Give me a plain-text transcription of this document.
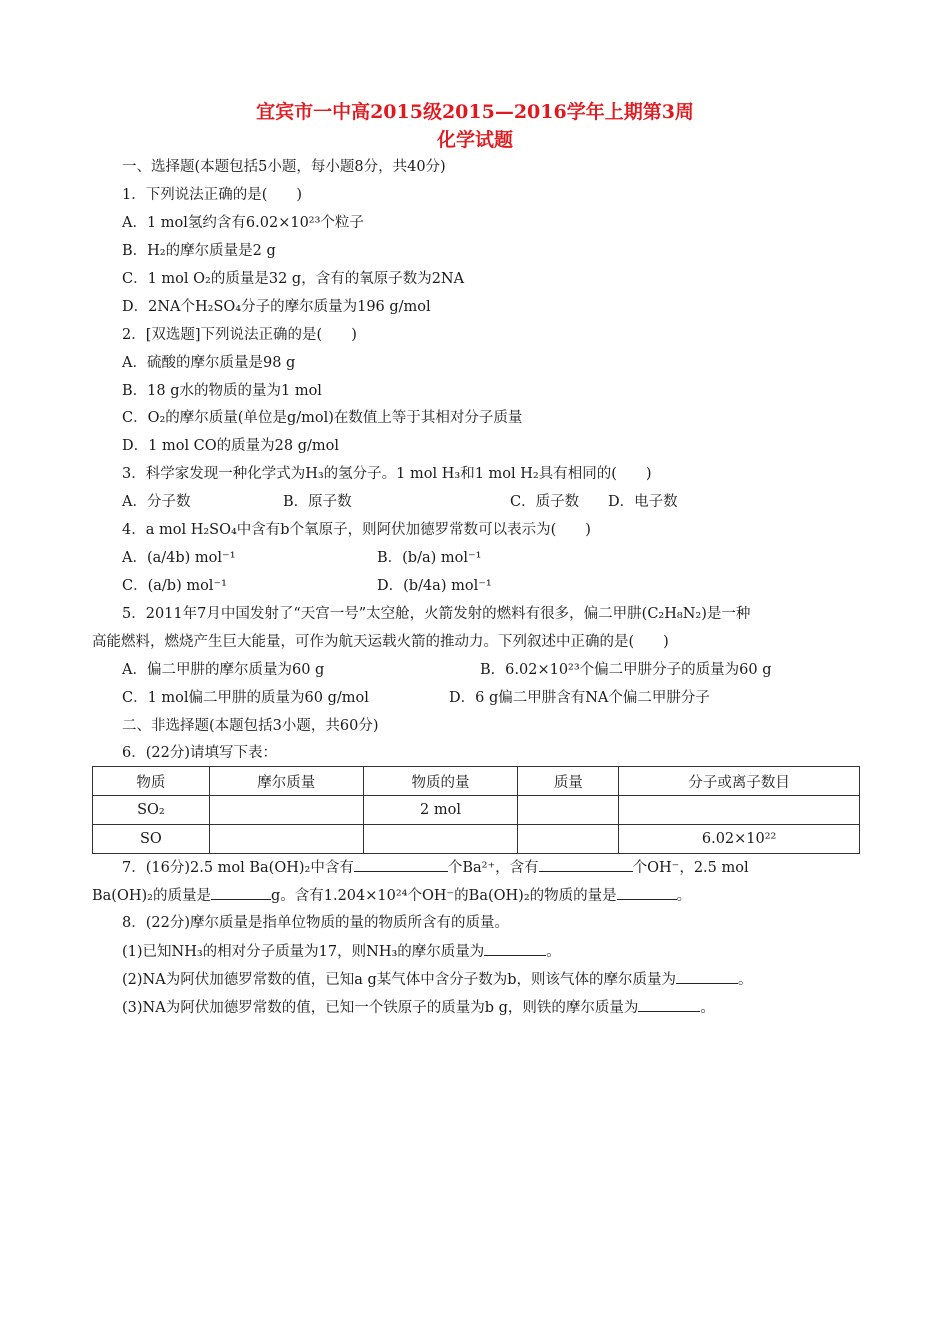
宜宾市一中高2015级2015—2016学年上期第3周
化学试题
一、选择题(本题包括5小题，每小题8分，共40分)
1．下列说法正确的是(　　)
A．1 mol氢约含有6.02×10²³个粒子
B．H₂的摩尔质量是2 g
C．1 mol O₂的质量是32 g，含有的氧原子数为2NA
D．2NA个H₂SO₄分子的摩尔质量为196 g/mol
2．[双选题]下列说法正确的是(　　)
A．硫酸的摩尔质量是98 g
B．18 g水的物质的量为1 mol
C．O₂的摩尔质量(单位是g/mol)在数值上等于其相对分子质量
D．1 mol CO的质量为28 g/mol
3．科学家发现一种化学式为H₃的氢分子。1 mol H₃和1 mol H₂具有相同的(　　)
A．分子数	B．原子数	C．质子数 D．电子数
4．a mol H₂SO₄中含有b个氧原子，则阿伏加德罗常数可以表示为(　　)
A．(a/4b) mol⁻¹	B．(b/a) mol⁻¹
C．(a/b) mol⁻¹	D．(b/4a) mol⁻¹
5．2011年7月中国发射了“天宫一号”太空舱，火箭发射的燃料有很多，偏二甲肼(C₂H₈N₂)是一种
高能燃料，燃烧产生巨大能量，可作为航天运载火箭的推动力。下列叙述中正确的是(　　)
A．偏二甲肼的摩尔质量为60 g	B．6.02×10²³个偏二甲肼分子的质量为60 g
C．1 mol偏二甲肼的质量为60 g/mol	D．6 g偏二甲肼含有NA个偏二甲肼分子
二、非选择题(本题包括3小题，共60分)
6．(22分)请填写下表：
物质	摩尔质量	物质的量	质量	分子或离子数目
SO₂		2 mol		
SO				6.02×10²²
7．(16分)2.5 mol Ba(OH)₂中含有	个Ba²⁺，含有	个OH⁻，2.5 mol
Ba(OH)₂的质量是	g。含有1.204×10²⁴个OH⁻的Ba(OH)₂的物质的量是	。
8．(22分)摩尔质量是指单位物质的量的物质所含有的质量。
(1)已知NH₃的相对分子质量为17，则NH₃的摩尔质量为	。
(2)NA为阿伏加德罗常数的值，已知a g某气体中含分子数为b，则该气体的摩尔质量为	。
(3)NA为阿伏加德罗常数的值，已知一个铁原子的质量为b g，则铁的摩尔质量为	。
